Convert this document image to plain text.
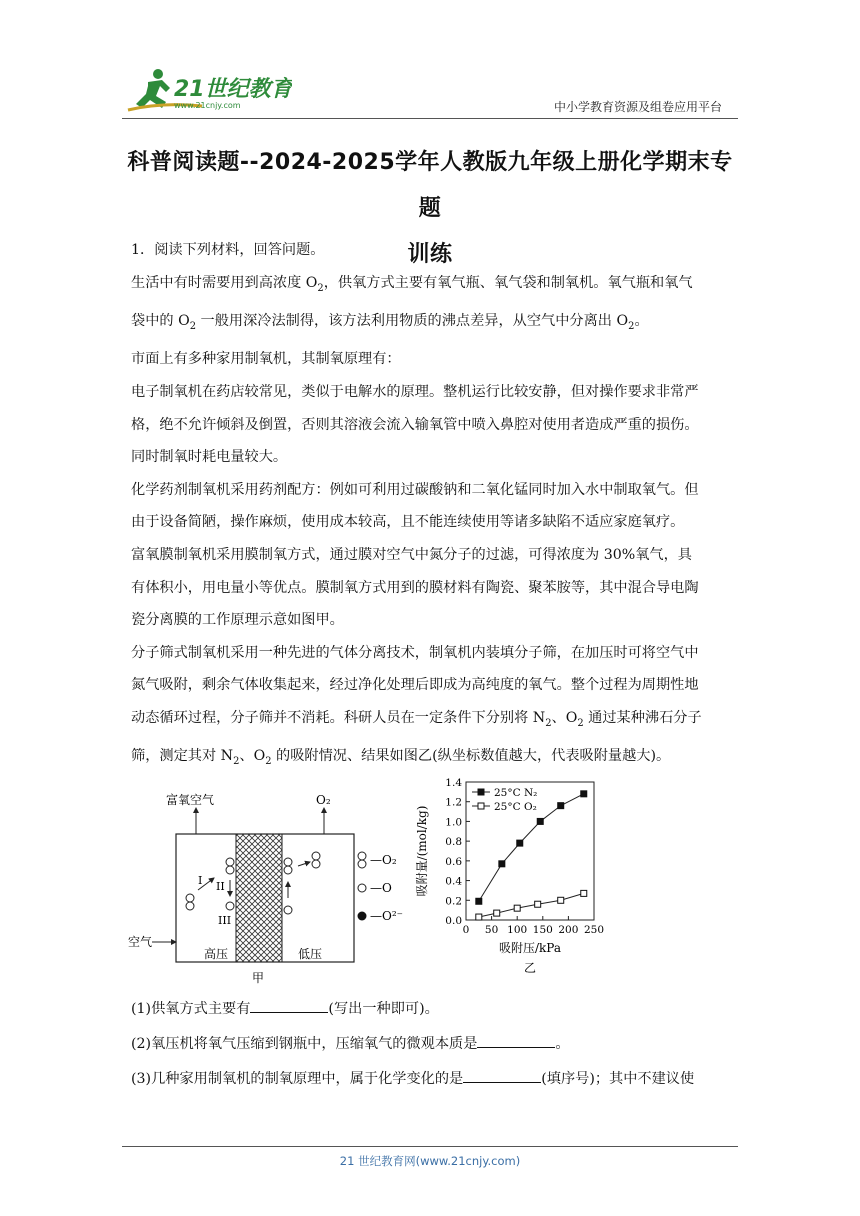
21世纪教育
www.21cnjy.com	中小学教育资源及组卷应用平台
科普阅读题--2024-2025学年人教版九年级上册化学期末专题
训练

1．阅读下列材料，回答问题。

生活中有时需要用到高浓度 $O_2$，供氧方式主要有氧气瓶、氧气袋和制氧机。氧气瓶和氧气

袋中的 $O_2$ 一般用深冷法制得，该方法利用物质的沸点差异，从空气中分离出 $O_2$。

市面上有多种家用制氧机，其制氧原理有：

电子制氧机在药店较常见，类似于电解水的原理。整机运行比较安静，但对操作要求非常严

格，绝不允许倾斜及倒置，否则其溶液会流入输氧管中喷入鼻腔对使用者造成严重的损伤。

同时制氧时耗电量较大。

化学药剂制氧机采用药剂配方：例如可利用过碳酸钠和二氧化锰同时加入水中制取氧气。但

由于设备简陋，操作麻烦，使用成本较高，且不能连续使用等诸多缺陷不适应家庭氧疗。

富氧膜制氧机采用膜制氧方式，通过膜对空气中氮分子的过滤，可得浓度为 30%氧气，具

有体积小，用电量小等优点。膜制氧方式用到的膜材料有陶瓷、聚苯胺等，其中混合导电陶

瓷分离膜的工作原理示意如图甲。

分子筛式制氧机采用一种先进的气体分离技术，制氧机内装填分子筛，在加压时可将空气中

氮气吸附，剩余气体收集起来，经过净化处理后即成为高纯度的氧气。整个过程为周期性地

动态循环过程，分子筛并不消耗。科研人员在一定条件下分别将 $N_2$、$O_2$ 通过某种沸石分子

筛，测定其对 $N_2$、$O_2$ 的吸附情况、结果如图乙(纵坐标数值越大，代表吸附量越大)。

富氧空气	O₂
空气
高压	低压
甲
I II
III
—O₂
—O
—O²⁻
0 50 100 150 200 250
0.0
0.2
0.4
0.6
0.8
1.0
1.2
1.4
25°C N₂
25°C O₂
吸附量/(mol/kg)
吸附压/kPa
乙

(1)供氧方式主要有	(写出一种即可)。

(2)氧压机将氧气压缩到钢瓶中，压缩氧气的微观本质是	。

(3)几种家用制氧机的制氧原理中，属于化学变化的是	(填序号)；其中不建议使

21 世纪教育网(www.21cnjy.com)
